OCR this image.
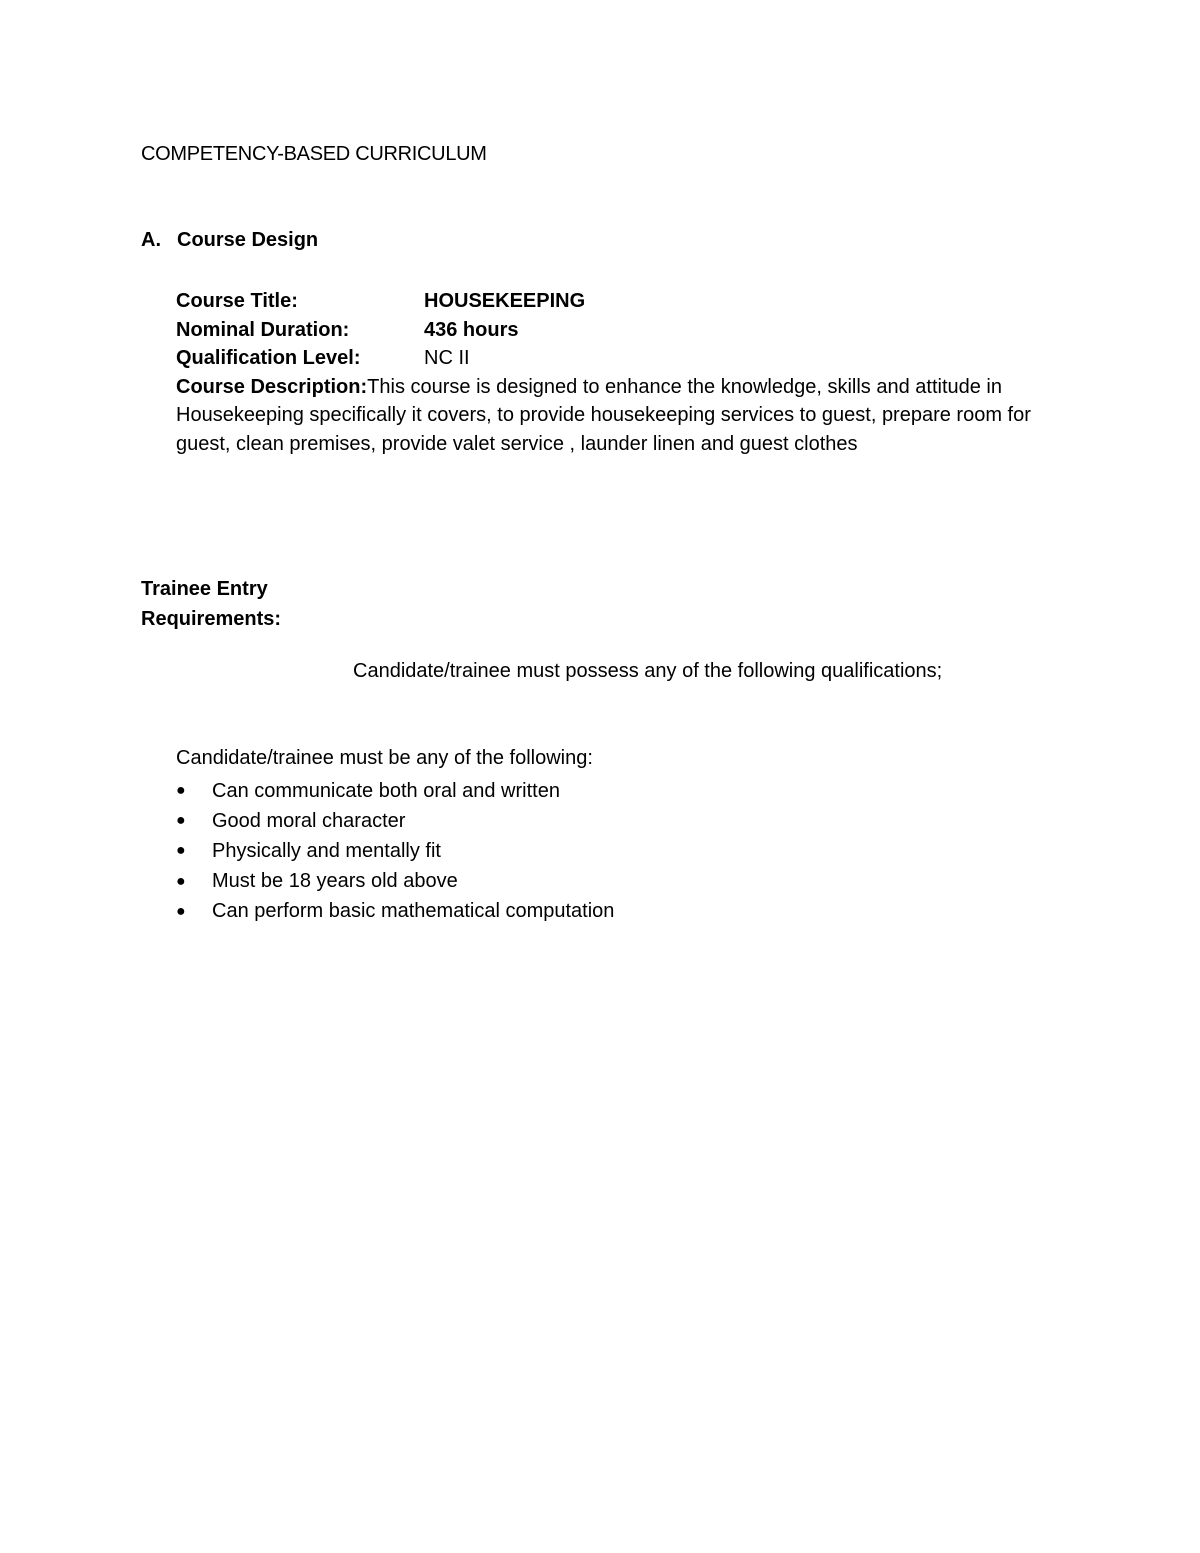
COMPETENCY-BASED CURRICULUM
A. Course Design
Course Title:	HOUSEKEEPING
Nominal Duration:	436 hours
Qualification Level:	NC II
Course Description:This course is designed to enhance the knowledge, skills and attitude in Housekeeping specifically it covers, to provide housekeeping services to guest, prepare room for guest, clean premises, provide valet service , launder linen and guest clothes
Trainee Entry
Requirements:
Candidate/trainee must possess any of the following qualifications;
Candidate/trainee must be any of the following:
●	Can communicate both oral and written
●	Good moral character
●	Physically and mentally fit
●	Must be 18 years old above
●	Can perform basic mathematical computation
